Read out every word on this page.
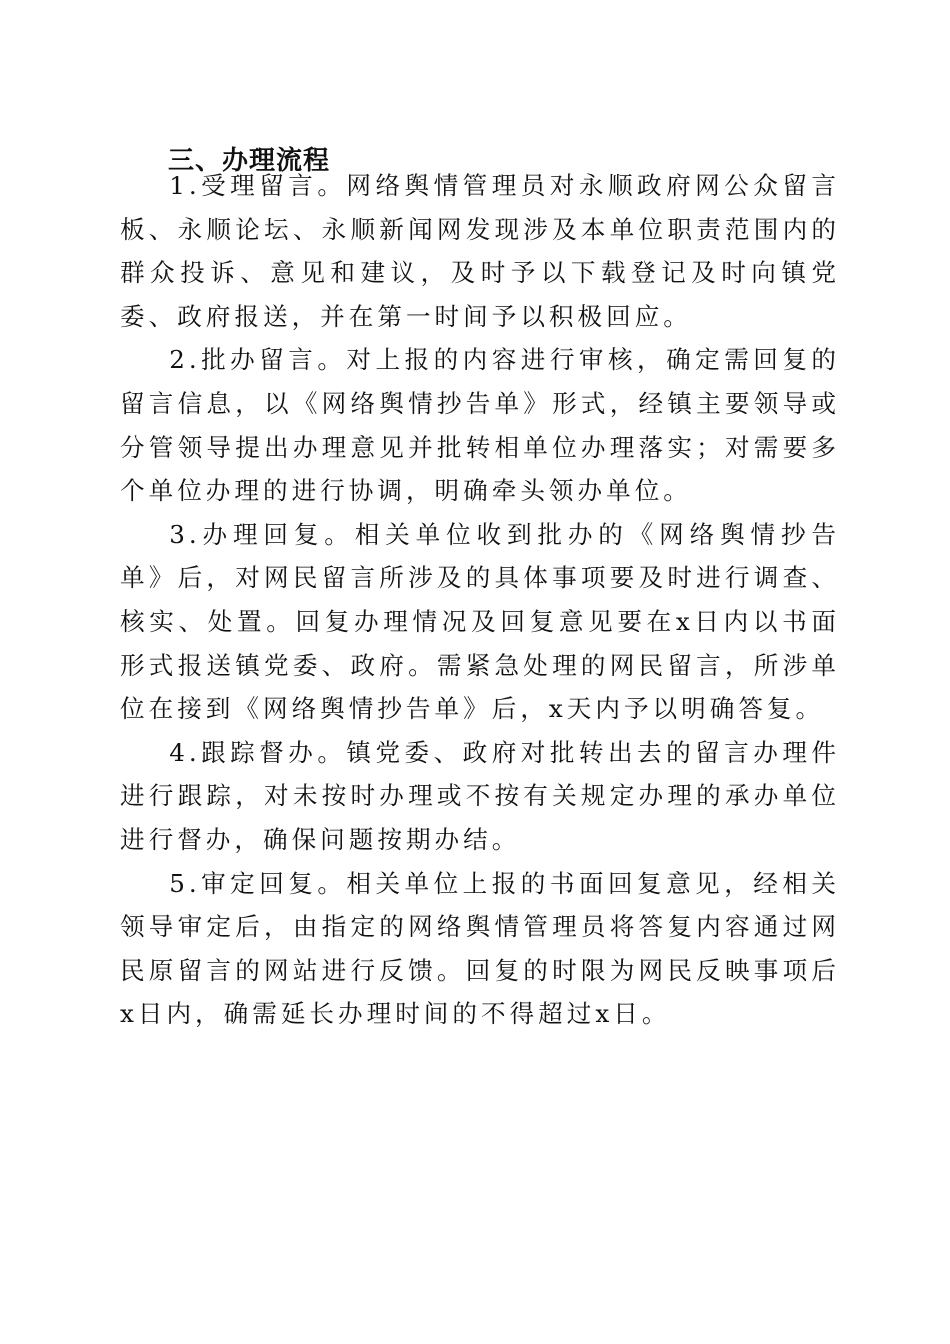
三、办理流程

1.受理留言。网络舆情管理员对永顺政府网公众留言板、永顺论坛、永顺新闻网发现涉及本单位职责范围内的群众投诉、意见和建议，及时予以下载登记及时向镇党委、政府报送，并在第一时间予以积极回应。

2.批办留言。对上报的内容进行审核，确定需回复的留言信息，以《网络舆情抄告单》形式，经镇主要领导或分管领导提出办理意见并批转相单位办理落实；对需要多个单位办理的进行协调，明确牵头领办单位。

3.办理回复。相关单位收到批办的《网络舆情抄告单》后，对网民留言所涉及的具体事项要及时进行调查、核实、处置。回复办理情况及回复意见要在x日内以书面形式报送镇党委、政府。需紧急处理的网民留言，所涉单位在接到《网络舆情抄告单》后，x天内予以明确答复。

4.跟踪督办。镇党委、政府对批转出去的留言办理件进行跟踪，对未按时办理或不按有关规定办理的承办单位进行督办，确保问题按期办结。

5.审定回复。相关单位上报的书面回复意见，经相关领导审定后，由指定的网络舆情管理员将答复内容通过网民原留言的网站进行反馈。回复的时限为网民反映事项后x日内，确需延长办理时间的不得超过x日。
